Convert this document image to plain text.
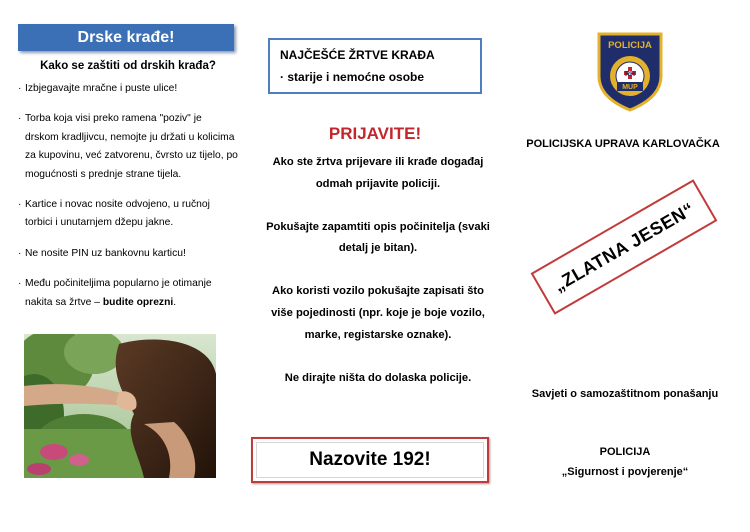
Drske krađe!
Kako se zaštiti od drskih krađa?
· Izbjegavajte mračne i puste ulice!
· Torba koja visi preko ramena "poziv" je drskom kradljivcu, nemojte ju držati u kolicima za kupovinu, već zatvorenu, čvrsto uz tijelo, po mogućnosti s prednje strane tijela.
· Kartice i novac nosite odvojeno, u ručnoj torbici i unutarnjem džepu jakne.
· Ne nosite PIN uz bankovnu karticu!
· Među počiniteljima popularno je otimanje nakita sa žrtve – budite oprezni.
NAJČEŠĆE ŽRTVE KRAĐA
· starije i nemoćne osobe
PRIJAVITE!

Ako ste žrtva prijevare ili krađe događaj odmah prijavite policiji.

Pokušajte zapamtiti opis počinitelja (svaki detalj je bitan).

Ako koristi vozilo pokušajte zapisati što više pojedinosti (npr. koje je boje vozilo, marke, registarske oznake).

Ne dirajte ništa do dolaska policije.

Nazovite 192!
POLICIJA
RH
MUP
POLICIJSKA UPRAVA KARLOVAČKA
„ZLATNA JESEN“
Savjeti o samozaštitnom ponašanju
POLICIJA
„Sigurnost i povjerenje“
